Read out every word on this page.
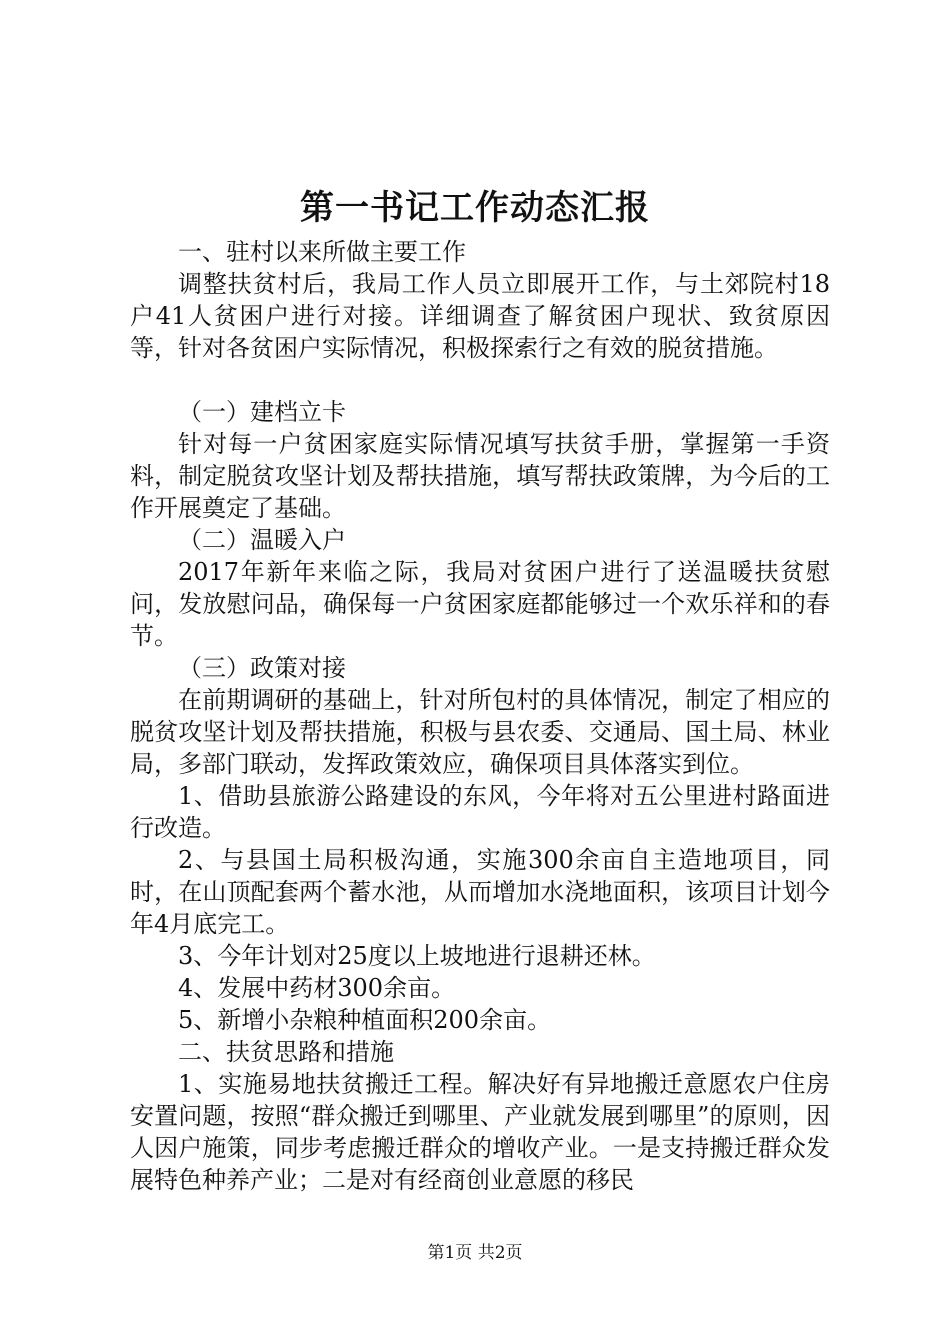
第一书记工作动态汇报

一、驻村以来所做主要工作

调整扶贫村后，我局工作人员立即展开工作，与土郊院村18户41人贫困户进行对接。详细调查了解贫困户现状、致贫原因等，针对各贫困户实际情况，积极探索行之有效的脱贫措施。

（一）建档立卡

针对每一户贫困家庭实际情况填写扶贫手册，掌握第一手资料，制定脱贫攻坚计划及帮扶措施，填写帮扶政策牌，为今后的工作开展奠定了基础。

（二）温暖入户

2017年新年来临之际，我局对贫困户进行了送温暖扶贫慰问，发放慰问品，确保每一户贫困家庭都能够过一个欢乐祥和的春节。

（三）政策对接

在前期调研的基础上，针对所包村的具体情况，制定了相应的脱贫攻坚计划及帮扶措施，积极与县农委、交通局、国土局、林业局，多部门联动，发挥政策效应，确保项目具体落实到位。

1、借助县旅游公路建设的东风，今年将对五公里进村路面进行改造。

2、与县国土局积极沟通，实施300余亩自主造地项目，同时，在山顶配套两个蓄水池，从而增加水浇地面积，该项目计划今年4月底完工。

3、今年计划对25度以上坡地进行退耕还林。

4、发展中药材300余亩。

5、新增小杂粮种植面积200余亩。

二、扶贫思路和措施

1、实施易地扶贫搬迁工程。解决好有异地搬迁意愿农户住房安置问题，按照“群众搬迁到哪里、产业就发展到哪里”的原则，因人因户施策，同步考虑搬迁群众的增收产业。一是支持搬迁群众发展特色种养产业；二是对有经商创业意愿的移民

第1页 共2页
